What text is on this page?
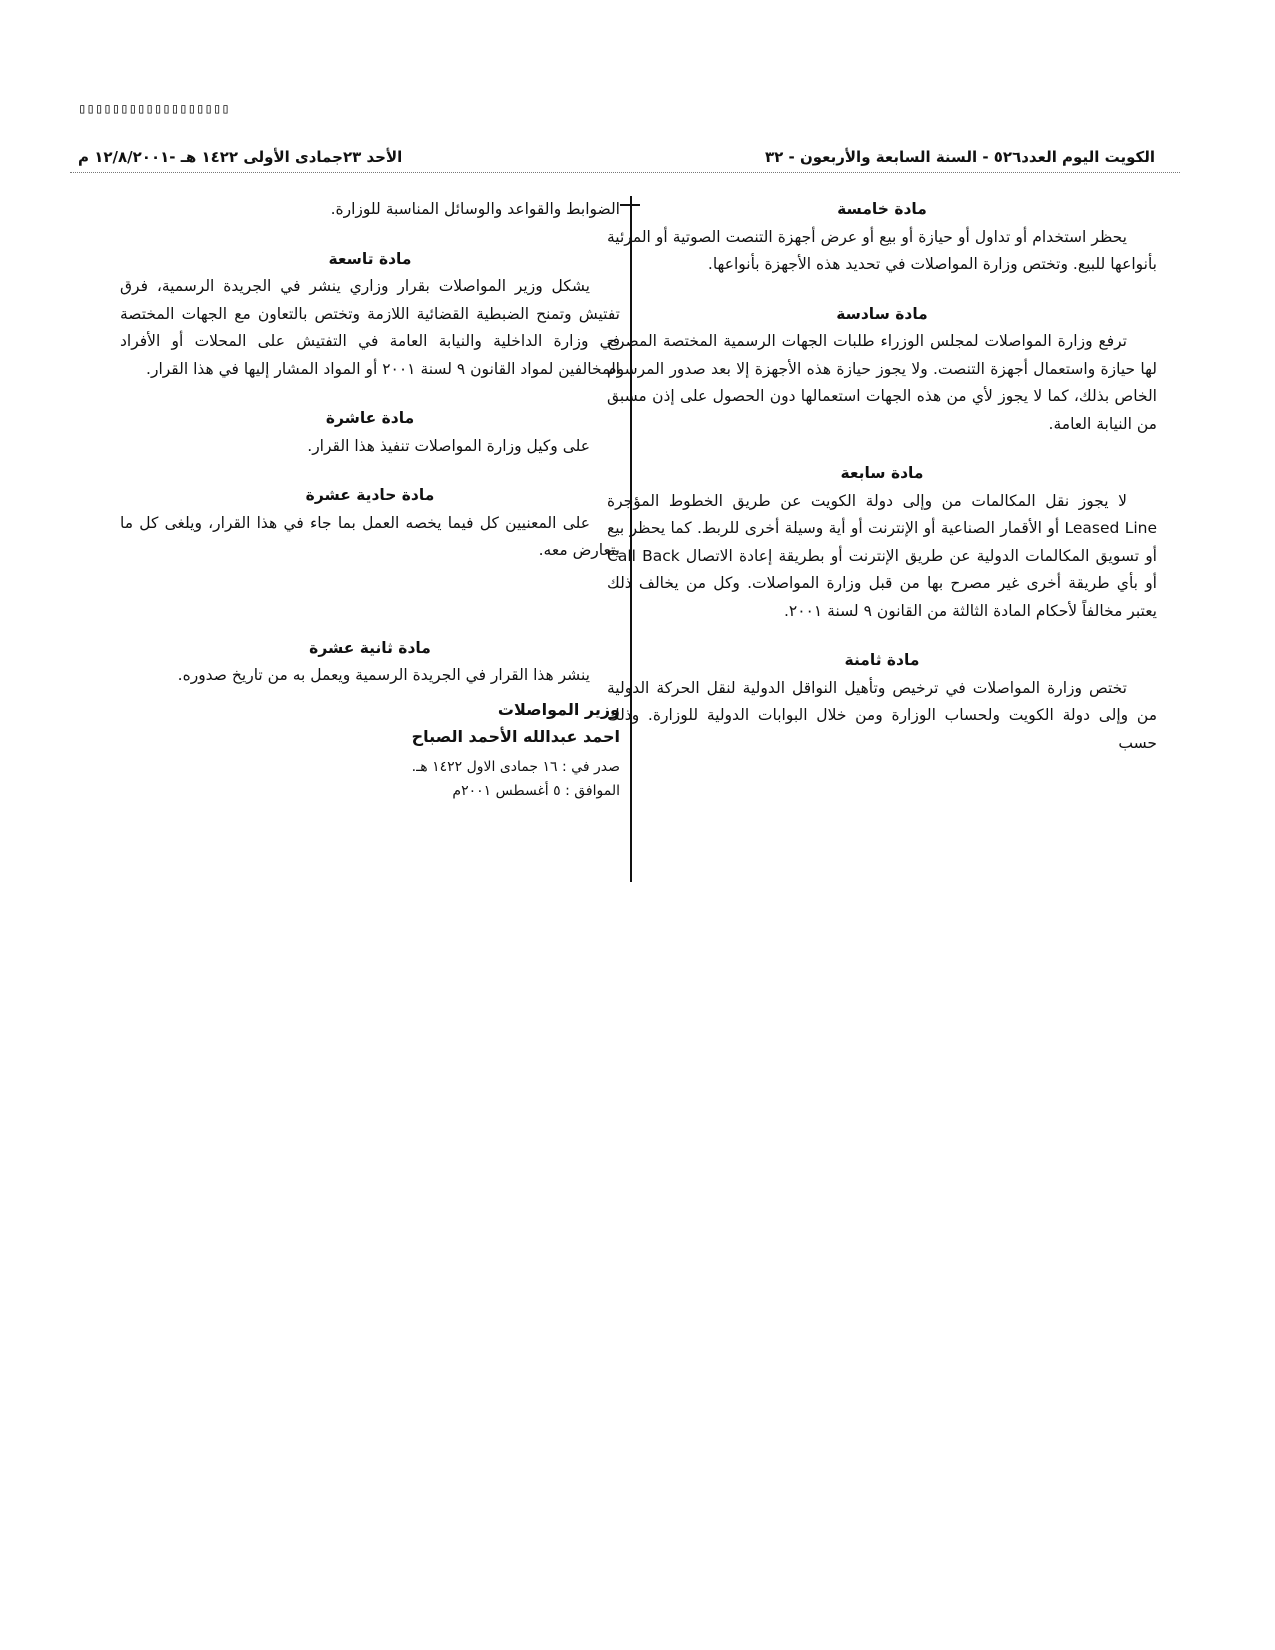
▯▯▯▯▯▯▯▯▯▯▯▯▯▯▯▯▯▯
الكويت اليوم العدد٥٢٦ - السنة السابعة والأربعون - ٣٢
الأحد ٢٣جمادى الأولى ١٤٢٢ هـ -١٢/٨/٢٠٠١ م

مادة خامسة

يحظر استخدام أو تداول أو حيازة أو بيع أو عرض أجهزة التنصت الصوتية أو المرئية بأنواعها للبيع. وتختص وزارة المواصلات في تحديد هذه الأجهزة بأنواعها.

مادة سادسة

ترفع وزارة المواصلات لمجلس الوزراء طلبات الجهات الرسمية المختصة المصرح لها حيازة واستعمال أجهزة التنصت. ولا يجوز حيازة هذه الأجهزة إلا بعد صدور المرسوم الخاص بذلك، كما لا يجوز لأي من هذه الجهات استعمالها دون الحصول على إذن مسبق من النيابة العامة.

مادة سابعة

لا يجوز نقل المكالمات من وإلى دولة الكويت عن طريق الخطوط المؤجرة Leased Line أو الأقمار الصناعية أو الإنترنت أو أية وسيلة أخرى للربط. كما يحظر بيع أو تسويق المكالمات الدولية عن طريق الإنترنت أو بطريقة إعادة الاتصال Call Back أو بأي طريقة أخرى غير مصرح بها من قبل وزارة المواصلات. وكل من يخالف ذلك يعتبر مخالفاً لأحكام المادة الثالثة من القانون ٩ لسنة ٢٠٠١.

مادة ثامنة

تختص وزارة المواصلات في ترخيص وتأهيل النواقل الدولية لنقل الحركة الدولية من وإلى دولة الكويت ولحساب الوزارة ومن خلال البوابات الدولية للوزارة. وذلك حسب

الضوابط والقواعد والوسائل المناسبة للوزارة.

مادة تاسعة

يشكل وزير المواصلات بقرار وزاري ينشر في الجريدة الرسمية، فرق تفتيش وتمنح الضبطية القضائية اللازمة وتختص بالتعاون مع الجهات المختصة في وزارة الداخلية والنيابة العامة في التفتيش على المحلات أو الأفراد المخالفين لمواد القانون ٩ لسنة ٢٠٠١ أو المواد المشار إليها في هذا القرار.

مادة عاشرة

على وكيل وزارة المواصلات تنفيذ هذا القرار.

مادة حادية عشرة

على المعنيين كل فيما يخصه العمل بما جاء في هذا القرار، ويلغى كل ما يتعارض معه.

مادة ثانية عشرة

ينشر هذا القرار في الجريدة الرسمية ويعمل به من تاريخ صدوره.

وزير المواصلات

احمد عبدالله الأحمد الصباح

صدر في : ١٦ جمادى الاول ١٤٢٢ هـ.

الموافق : ٥ أغسطس ٢٠٠١م
